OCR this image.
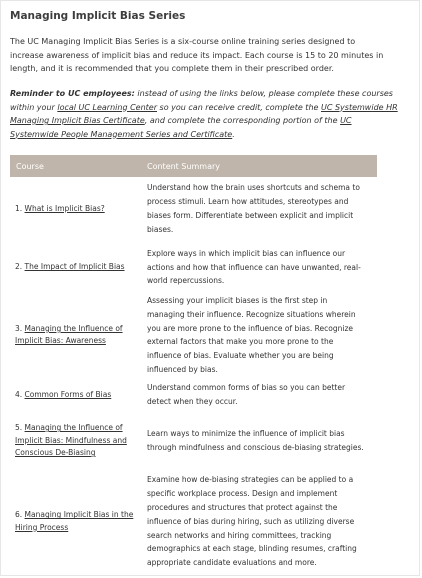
Managing Implicit Bias Series

The UC Managing Implicit Bias Series is a six-course online training series designed to increase awareness of implicit bias and reduce its impact. Each course is 15 to 20 minutes in length, and it is recommended that you complete them in their prescribed order.

Reminder to UC employees: instead of using the links below, please complete these courses within your local UC Learning Center so you can receive credit, complete the UC Systemwide HR Managing Implicit Bias Certificate, and complete the corresponding portion of the UC Systemwide People Management Series and Certificate.

Course	Content Summary
1. What is Implicit Bias?	Understand how the brain uses shortcuts and schema to process stimuli. Learn how attitudes, stereotypes and biases form. Differentiate between explicit and implicit biases.
2. The Impact of Implicit Bias	Explore ways in which implicit bias can influence our actions and how that influence can have unwanted, real-world repercussions.
3. Managing the Influence of Implicit Bias: Awareness	Assessing your implicit biases is the first step in managing their influence. Recognize situations wherein you are more prone to the influence of bias. Recognize external factors that make you more prone to the influence of bias. Evaluate whether you are being influenced by bias.
4. Common Forms of Bias	Understand common forms of bias so you can better detect when they occur.
5. Managing the Influence of Implicit Bias: Mindfulness and Conscious De-Biasing	Learn ways to minimize the influence of implicit bias through mindfulness and conscious de-biasing strategies.
6. Managing Implicit Bias in the Hiring Process	Examine how de-biasing strategies can be applied to a specific workplace process. Design and implement procedures and structures that protect against the influence of bias during hiring, such as utilizing diverse search networks and hiring committees, tracking demographics at each stage, blinding resumes, crafting appropriate candidate evaluations and more.
